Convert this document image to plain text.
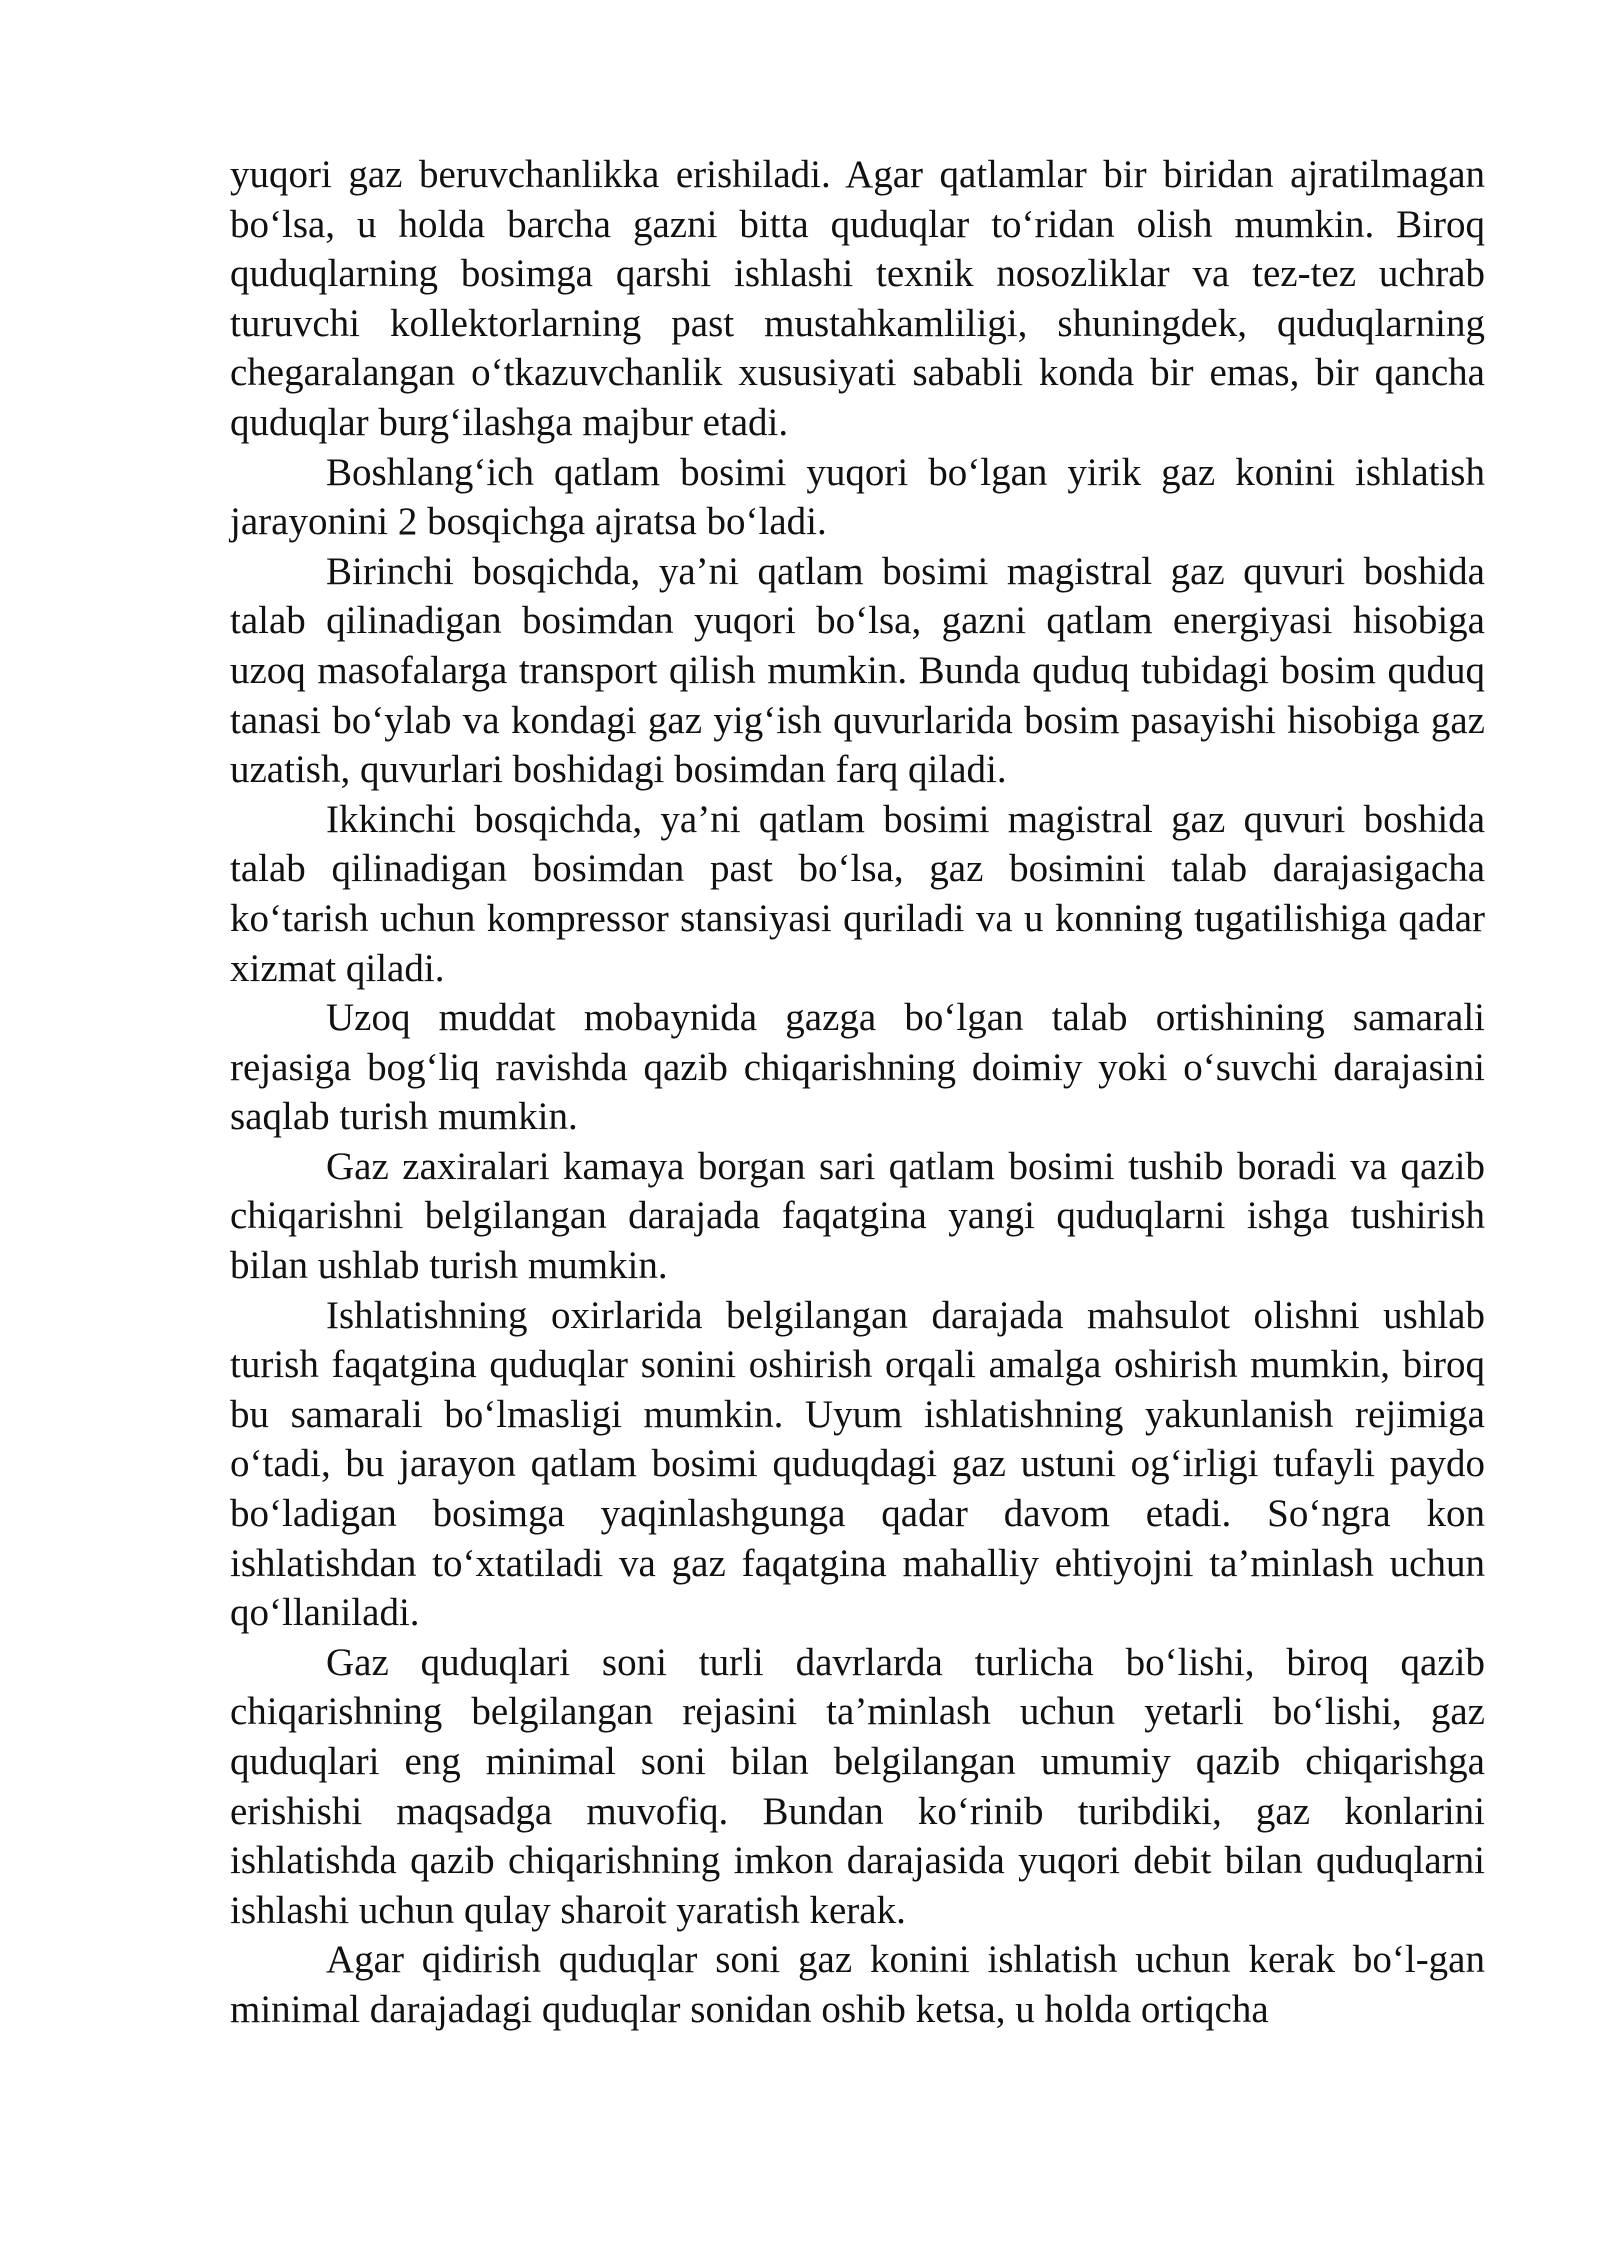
yuqori gaz beruvchanlikka erishiladi. Agar qatlamlar bir biridan ajratilmagan bo‘lsa, u holda barcha gazni bitta quduqlar to‘ridan olish mumkin. Biroq quduqlarning bosimga qarshi ishlashi texnik nosozliklar va tez-tez uchrab turuvchi kollektorlarning past mustahkamliligi, shuningdek, quduqlarning chegaralangan o‘tkazuvchanlik xususiyati sababli konda bir emas, bir qancha quduqlar burg‘ilashga majbur etadi.

Boshlang‘ich qatlam bosimi yuqori bo‘lgan yirik gaz konini ishlatish jarayonini 2 bosqichga ajratsa bo‘ladi.

Birinchi bosqichda, ya’ni qatlam bosimi magistral gaz quvuri boshida talab qilinadigan bosimdan yuqori bo‘lsa, gazni qatlam energiyasi hisobiga uzoq masofalarga transport qilish mumkin. Bunda quduq tubidagi bosim quduq tanasi bo‘ylab va kondagi gaz yig‘ish quvurlarida bosim pasayishi hisobiga gaz uzatish, quvurlari boshidagi bosimdan farq qiladi.

Ikkinchi bosqichda, ya’ni qatlam bosimi magistral gaz quvuri boshida talab qilinadigan bosimdan past bo‘lsa, gaz bosimini talab darajasigacha ko‘tarish uchun kompressor stansiyasi quriladi va u konning tugatilishiga qadar xizmat qiladi.

Uzoq muddat mobaynida gazga bo‘lgan talab ortishining samarali rejasiga bog‘liq ravishda qazib chiqarishning doimiy yoki o‘suvchi darajasini saqlab turish mumkin.

Gaz zaxiralari kamaya borgan sari qatlam bosimi tushib boradi va qazib chiqarishni belgilangan darajada faqatgina yangi quduqlarni ishga tushirish bilan ushlab turish mumkin.

Ishlatishning oxirlarida belgilangan darajada mahsulot olishni ushlab turish faqatgina quduqlar sonini oshirish orqali amalga oshirish mumkin, biroq bu samarali bo‘lmasligi mumkin. Uyum ishlatishning yakunlanish rejimiga o‘tadi, bu jarayon qatlam bosimi quduqdagi gaz ustuni og‘irligi tufayli paydo bo‘ladigan bosimga yaqinlashgunga qadar davom etadi. So‘ngra kon ishlatishdan to‘xtatiladi va gaz faqatgina mahalliy ehtiyojni ta’minlash uchun qo‘llaniladi.

Gaz quduqlari soni turli davrlarda turlicha bo‘lishi, biroq qazib chiqarishning belgilangan rejasini ta’minlash uchun yetarli bo‘lishi, gaz quduqlari eng minimal soni bilan belgilangan umumiy qazib chiqarishga erishishi maqsadga muvofiq. Bundan ko‘rinib turibdiki, gaz konlarini ishlatishda qazib chiqarishning imkon darajasida yuqori debit bilan quduqlarni ishlashi uchun qulay sharoit yaratish kerak.

Agar qidirish quduqlar soni gaz konini ishlatish uchun kerak bo‘l-gan minimal darajadagi quduqlar sonidan oshib ketsa, u holda ortiqcha
